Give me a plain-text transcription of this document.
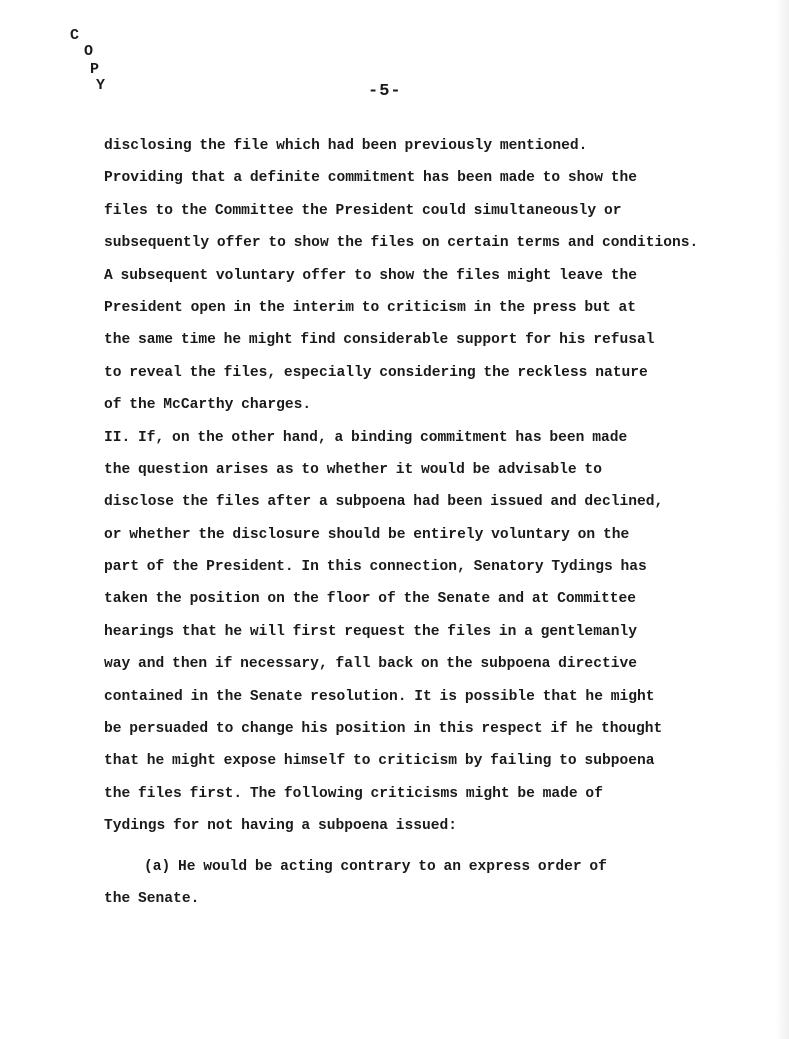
C
O
P
Y	-5-
disclosing the file which had been previously mentioned.
Providing that a definite commitment has been made to show the
files to the Committee the President could simultaneously or
subsequently offer to show the files on certain terms and conditions.
A subsequent voluntary offer to show the files might leave the
President open in the interim to criticism in the press but at
the same time he might find considerable support for his refusal
to reveal the files, especially considering the reckless nature
of the McCarthy charges.
II. If, on the other hand, a binding commitment has been made
the question arises as to whether it would be advisable to
disclose the files after a subpoena had been issued and declined,
or whether the disclosure should be entirely voluntary on the
part of the President. In this connection, Senatory Tydings has
taken the position on the floor of the Senate and at Committee
hearings that he will first request the files in a gentlemanly
way and then if necessary, fall back on the subpoena directive
contained in the Senate resolution. It is possible that he might
be persuaded to change his position in this respect if he thought
that he might expose himself to criticism by failing to subpoena
the files first. The following criticisms might be made of
Tydings for not having a subpoena issued:
(a) He would be acting contrary to an express order of
the Senate.
